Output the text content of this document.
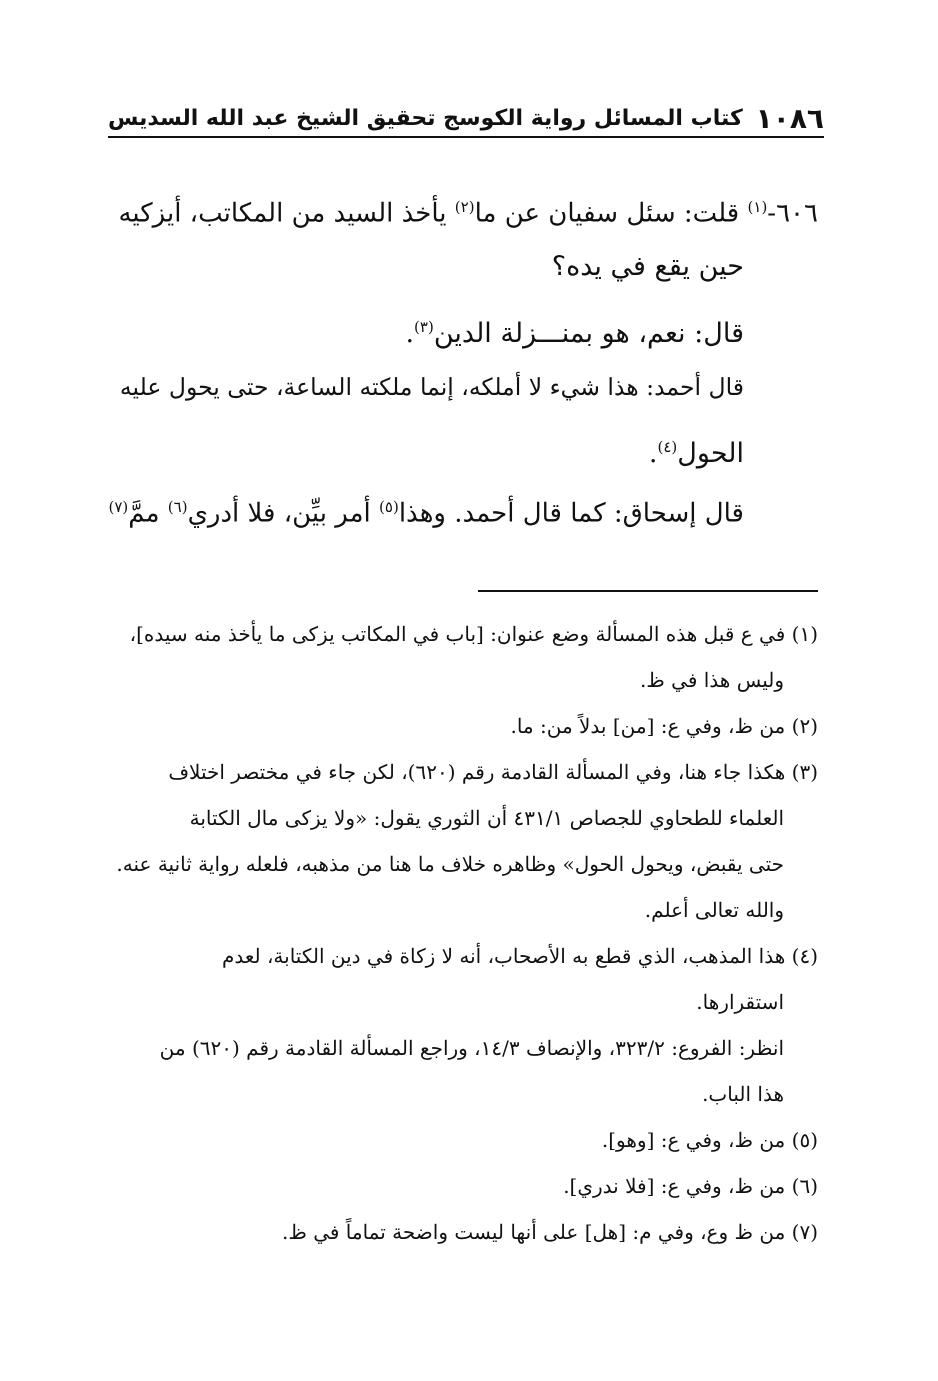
١٠٨٦
كتاب المسائل رواية الكوسج تحقيق الشيخ عبد الله السديس
٦٠٦-$^{(١)}$ قلت: سئل سفيان عن ما$^{(٢)}$ يأخذ السيد من المكاتب، أيزكيه
حين يقع في يده؟
قال: نعم، هو بمنـــزلة الدين$^{(٣)}$.
قال أحمد: هذا شيء لا أملكه، إنما ملكته الساعة، حتى يحول عليه
الحول$^{(٤)}$.
قال إسحاق: كما قال أحمد. وهذا$^{(٥)}$ أمر بيِّن، فلا أدري$^{(٦)}$ ممَّ$^{(٧)}$
(١) في ع قبل هذه المسألة وضع عنوان: [باب في المكاتب يزكى ما يأخذ منه سيده]،
وليس هذا في ظ.
(٢) من ظ، وفي ع: [من] بدلاً من: ما.
(٣) هكذا جاء هنا، وفي المسألة القادمة رقم (٦٢٠)، لكن جاء في مختصر اختلاف
العلماء للطحاوي للجصاص ٤٣١/١ أن الثوري يقول: «ولا يزكى مال الكتابة
حتى يقبض، ويحول الحول» وظاهره خلاف ما هنا من مذهبه، فلعله رواية ثانية عنه.
والله تعالى أعلم.
(٤) هذا المذهب، الذي قطع به الأصحاب، أنه لا زكاة في دين الكتابة، لعدم
استقرارها.
انظر: الفروع: ٣٢٣/٢، والإنصاف ١٤/٣، وراجع المسألة القادمة رقم (٦٢٠) من
هذا الباب.
(٥) من ظ، وفي ع: [وهو].
(٦) من ظ، وفي ع: [فلا ندري].
(٧) من ظ وع، وفي م: [هل] على أنها ليست واضحة تماماً في ظ.
